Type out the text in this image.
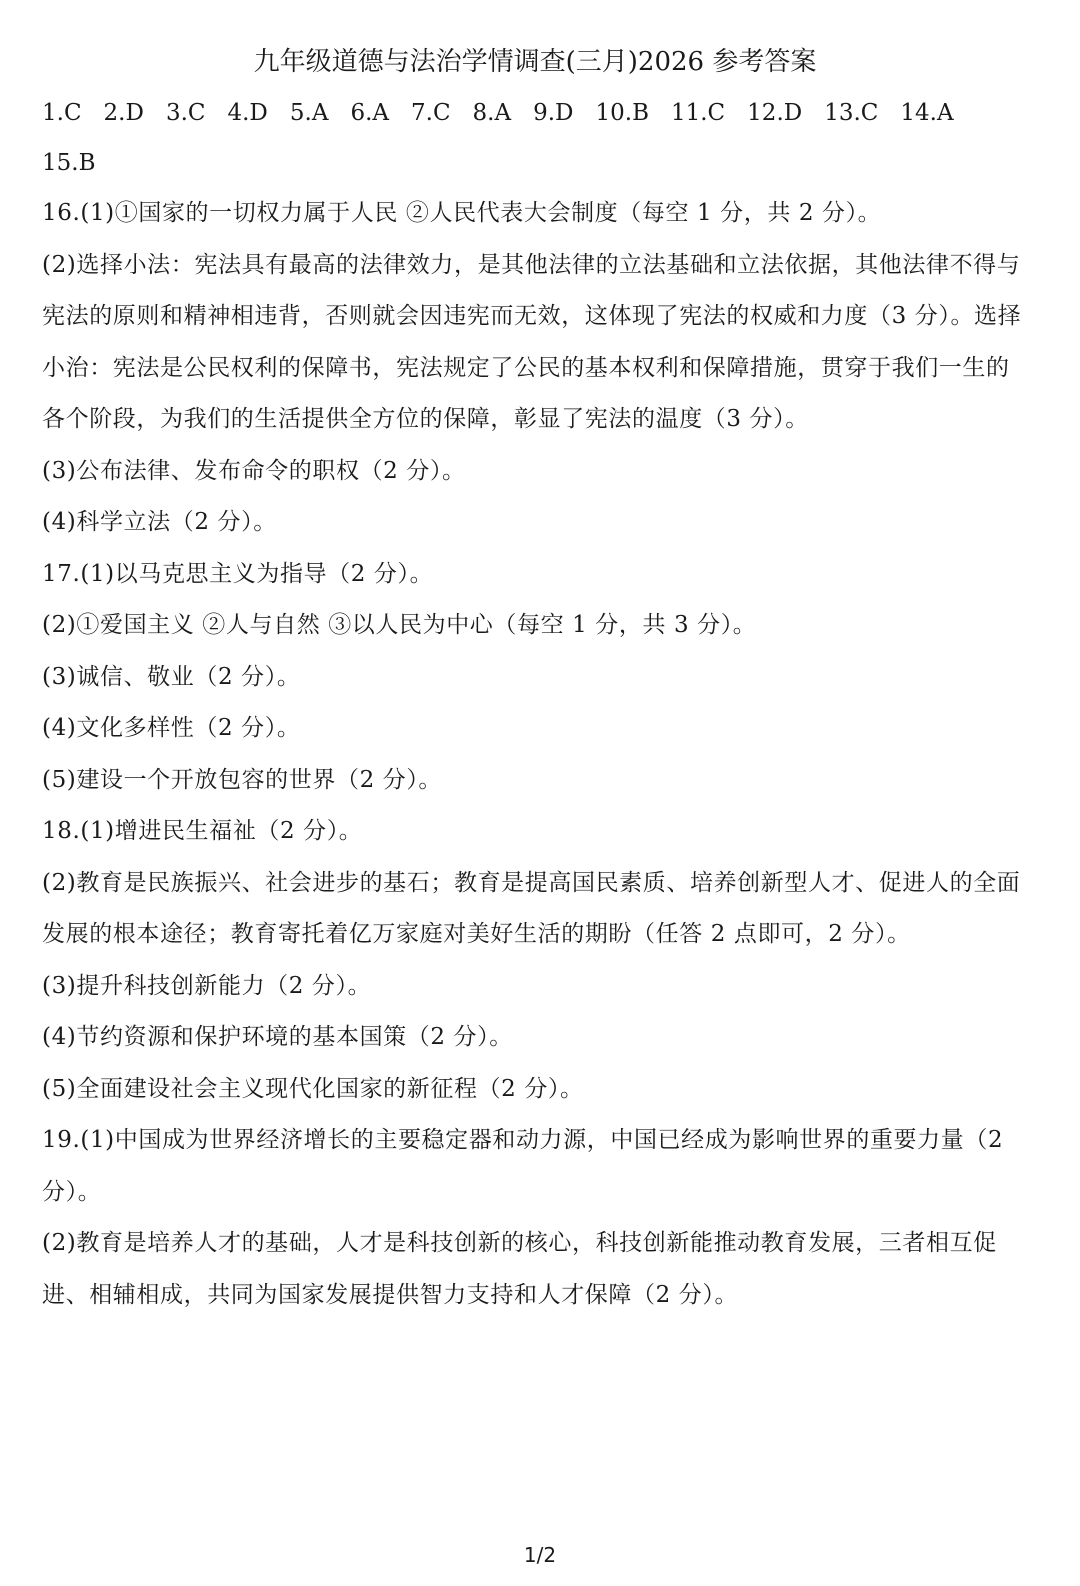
九年级道德与法治学情调查(三月)2026 参考答案
1.C 2.D 3.C 4.D 5.A 6.A 7.C 8.A 9.D 10.B 11.C 12.D 13.C 14.A
15.B
16.(1)①国家的一切权力属于人民 ②人民代表大会制度（每空 1 分，共 2 分）。
(2)选择小法：宪法具有最高的法律效力，是其他法律的立法基础和立法依据，其他法律不得与宪法的原则和精神相违背，否则就会因违宪而无效，这体现了宪法的权威和力度（3 分）。选择小治：宪法是公民权利的保障书，宪法规定了公民的基本权利和保障措施，贯穿于我们一生的各个阶段，为我们的生活提供全方位的保障，彰显了宪法的温度（3 分）。
(3)公布法律、发布命令的职权（2 分）。
(4)科学立法（2 分）。
17.(1)以马克思主义为指导（2 分）。
(2)①爱国主义 ②人与自然 ③以人民为中心（每空 1 分，共 3 分）。
(3)诚信、敬业（2 分）。
(4)文化多样性（2 分）。
(5)建设一个开放包容的世界（2 分）。
18.(1)增进民生福祉（2 分）。
(2)教育是民族振兴、社会进步的基石；教育是提高国民素质、培养创新型人才、促进人的全面发展的根本途径；教育寄托着亿万家庭对美好生活的期盼（任答 2 点即可，2 分）。
(3)提升科技创新能力（2 分）。
(4)节约资源和保护环境的基本国策（2 分）。
(5)全面建设社会主义现代化国家的新征程（2 分）。
19.(1)中国成为世界经济增长的主要稳定器和动力源，中国已经成为影响世界的重要力量（2 分）。
(2)教育是培养人才的基础，人才是科技创新的核心，科技创新能推动教育发展，三者相互促进、相辅相成，共同为国家发展提供智力支持和人才保障（2 分）。
1/2
